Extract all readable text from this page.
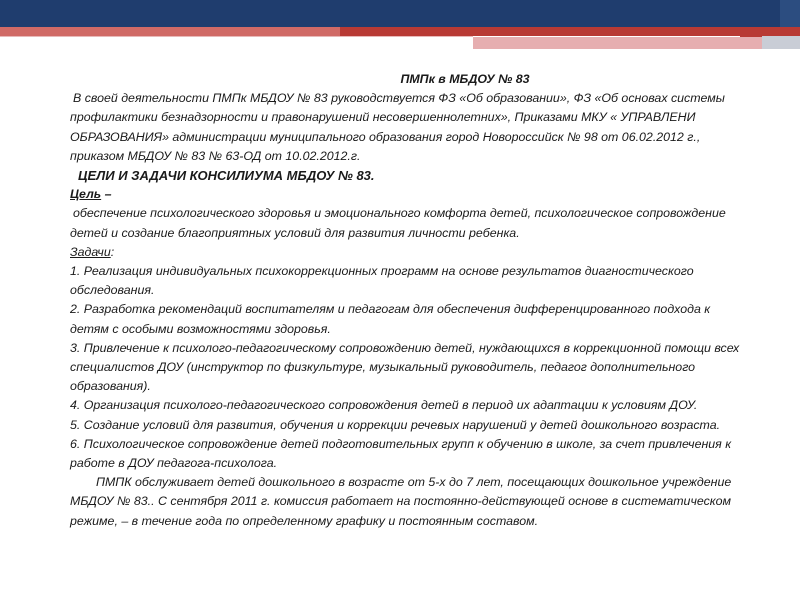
ПМПк в МБДОУ № 83

В своей деятельности ПМПк МБДОУ № 83 руководствуется ФЗ «Об образовании», ФЗ «Об основах системы профилактики безнадзорности и правонарушений несовершеннолетних», Приказами МКУ « УПРАВЛЕНИ ОБРАЗОВАНИЯ» администрации муниципального образования город Новороссийск № 98 от 06.02.2012 г., приказом МБДОУ № 83 № 63-ОД от 10.02.2012.г.

ЦЕЛИ И ЗАДАЧИ КОНСИЛИУМА МБДОУ № 83.

Цель –

обеспечение психологического здоровья и эмоционального комфорта детей, психологическое сопровождение детей и создание благоприятных условий для развития личности ребенка.

Задачи:

1. Реализация индивидуальных психокоррекционных программ на основе результатов диагностического обследования.

2. Разработка рекомендаций воспитателям и педагогам для обеспечения дифференцированного подхода к детям с особыми возможностями здоровья.

3. Привлечение к психолого-педагогическому сопровождению детей, нуждающихся в коррекционной помощи всех специалистов ДОУ (инструктор по физкультуре, музыкальный руководитель, педагог дополнительного образования).

4. Организация психолого-педагогического сопровождения детей в период их адаптации к условиям ДОУ.

5. Создание условий для развития, обучения и коррекции речевых нарушений у детей дошкольного возраста.

6. Психологическое сопровождение детей подготовительных групп к обучению в школе, за счет привлечения к работе в ДОУ педагога-психолога.

ПМПК обслуживает детей дошкольного в возрасте от 5-х до 7 лет, посещающих дошкольное учреждение МБДОУ № 83.. С сентября 2011 г. комиссия работает на постоянно-действующей основе в систематическом режиме, – в течение года по определенному графику и постоянным составом.
